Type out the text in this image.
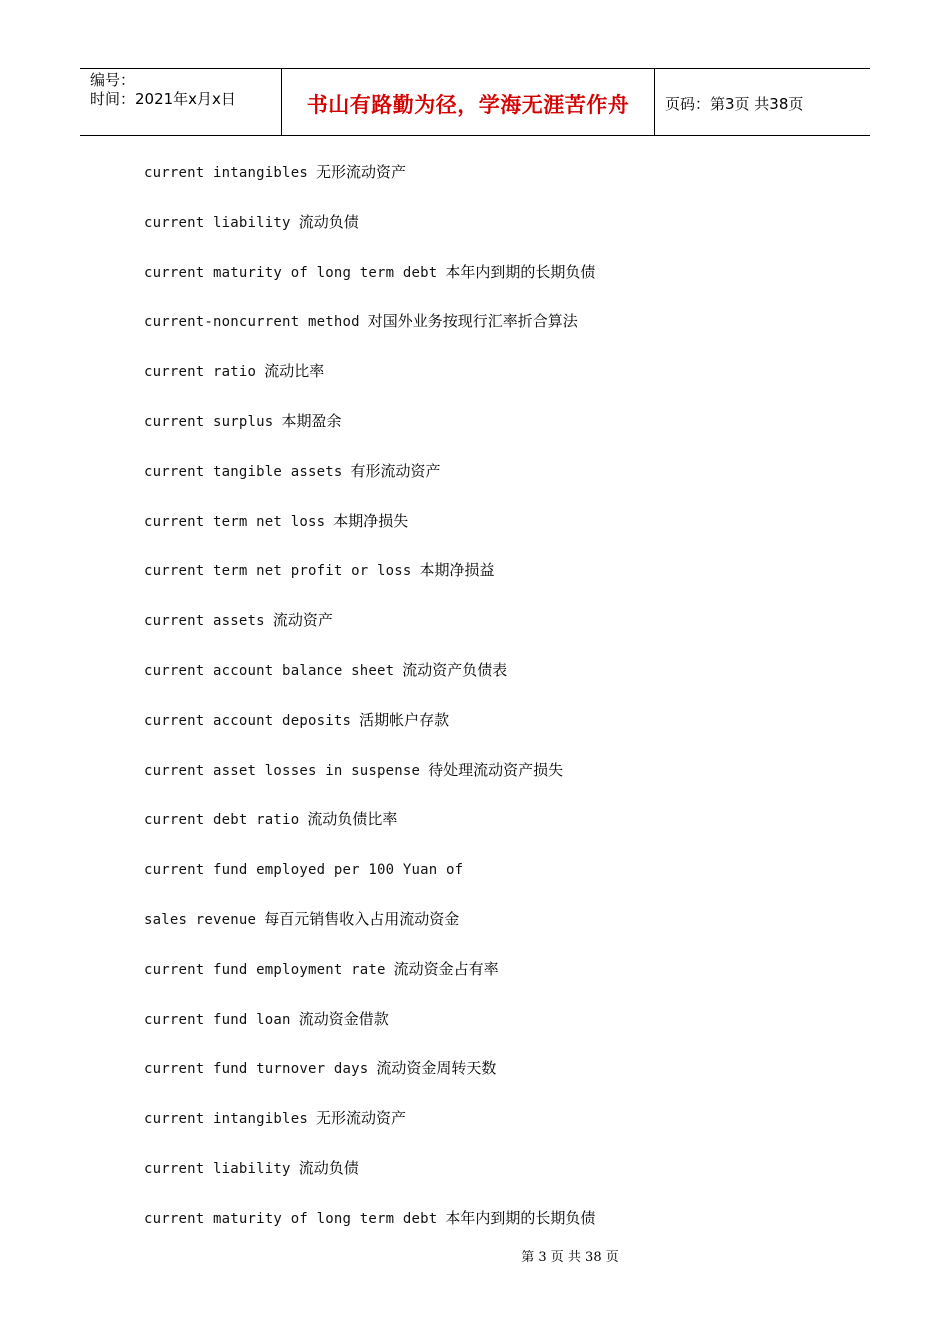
编号：
时间：2021年x月x日	书山有路勤为径，学海无涯苦作舟 页码：第3页 共38页
current intangibles 无形流动资产
current liability 流动负债
current maturity of long term debt 本年内到期的长期负债
current-noncurrent method 对国外业务按现行汇率折合算法
current ratio 流动比率
current surplus 本期盈余
current tangible assets 有形流动资产
current term net loss 本期净损失
current term net profit or loss 本期净损益
current assets 流动资产
current account balance sheet 流动资产负债表
current account deposits 活期帐户存款
current asset losses in suspense 待处理流动资产损失
current debt ratio 流动负债比率
current fund employed per 100 Yuan of
sales revenue 每百元销售收入占用流动资金
current fund employment rate 流动资金占有率
current fund loan 流动资金借款
current fund turnover days 流动资金周转天数
current intangibles 无形流动资产
current liability 流动负债
current maturity of long term debt 本年内到期的长期负债
第 3 页 共 38 页
